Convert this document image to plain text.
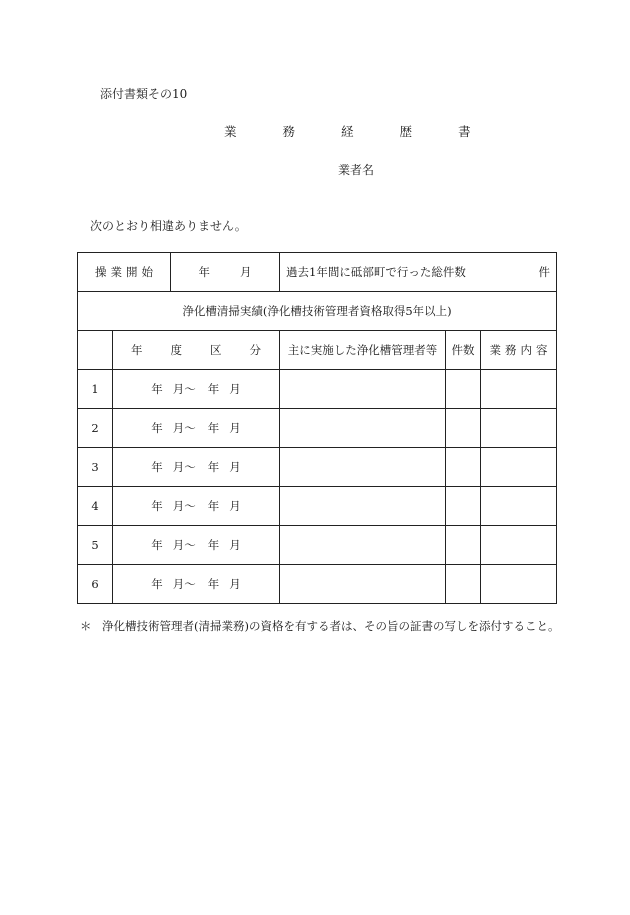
添付書類その10
業	務	経	歴	書
業者名
次のとおり相違ありません。
操 業 開 始		年 月	過去1年間に砥部町で行った総件数 件		

浄化槽清掃実績(浄化槽技術管理者資格取得5年以上)					
	年 度 区 分		主に実施した浄化槽管理者等	件数	業 務 内 容
1	年 月～ 年 月				
2	年 月～ 年 月				
3	年 月～ 年 月				
4	年 月～ 年 月				
5	年 月～ 年 月				
6	年 月～ 年 月				
＊ 浄化槽技術管理者(清掃業務)の資格を有する者は、その旨の証書の写しを添付すること。
